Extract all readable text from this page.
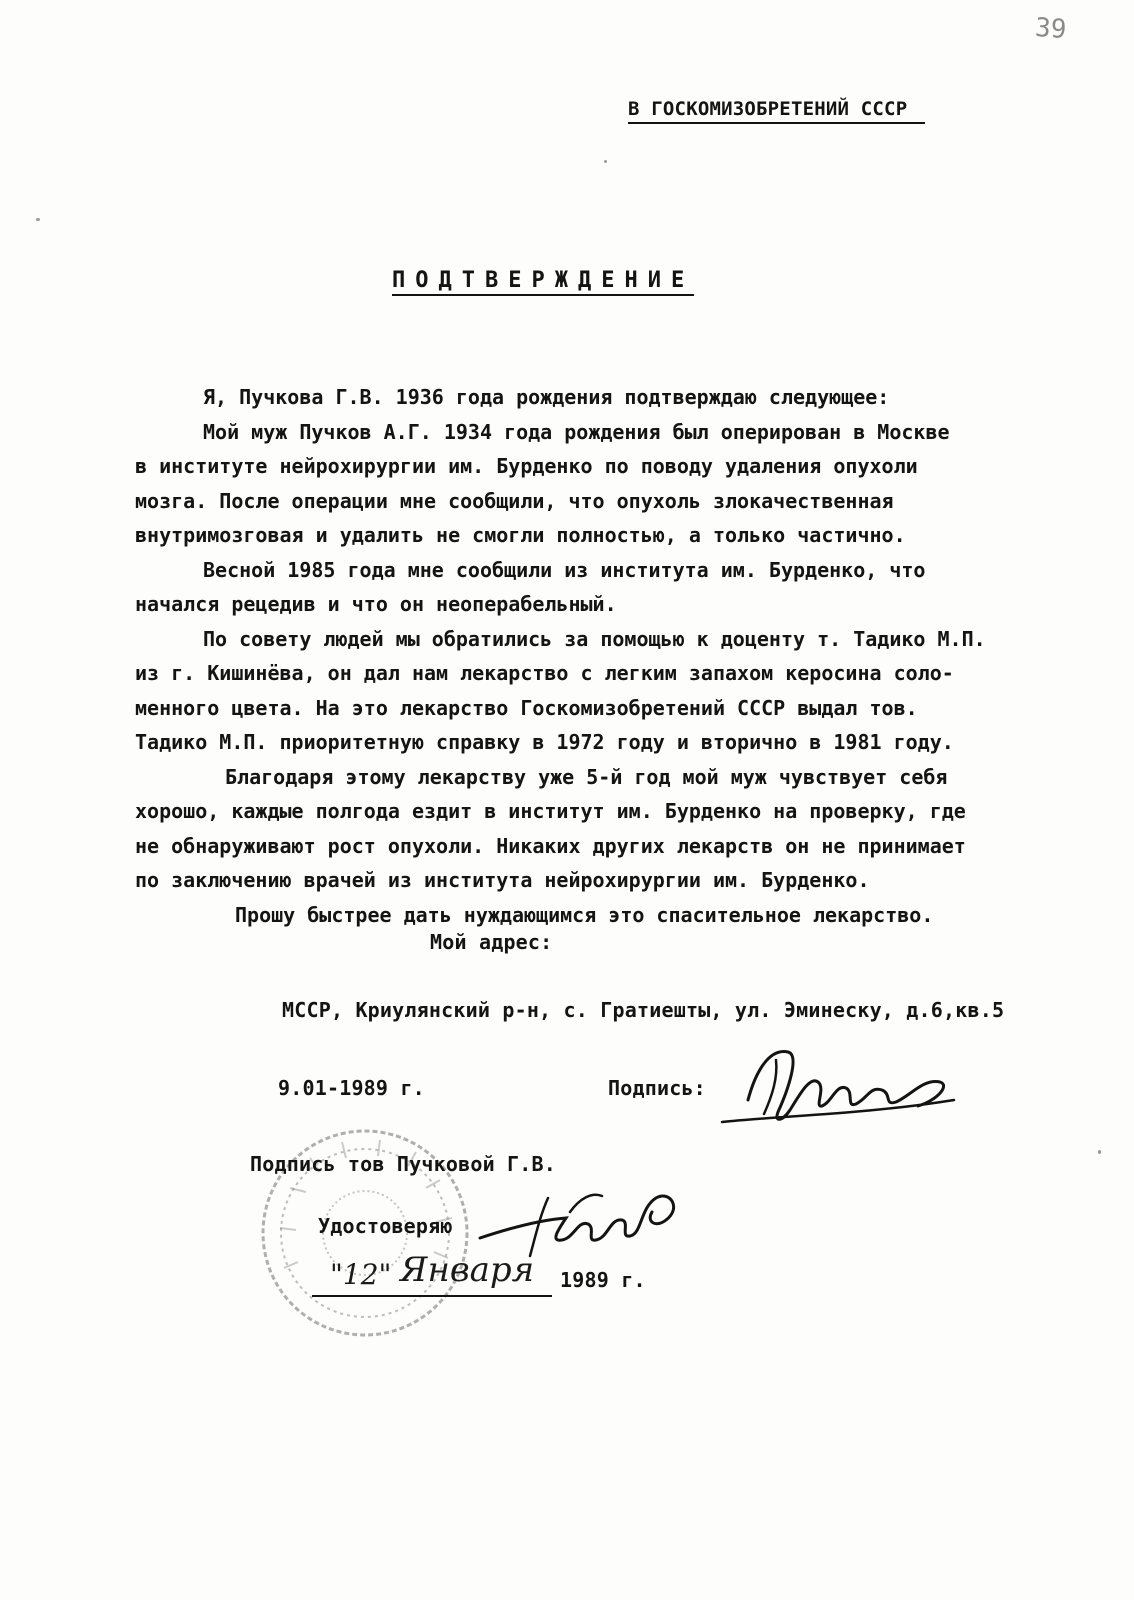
39
В ГОСКОМИЗОБРЕТЕНИЙ СССР
ПОДТВЕРЖДЕНИЕ
Я, Пучкова Г.В. 1936 года рождения подтверждаю следующее:
Мой муж Пучков А.Г. 1934 года рождения был оперирован в Москве
в институте нейрохирургии им. Бурденко по поводу удаления опухоли
мозга. После операции мне сообщили, что опухоль злокачественная
внутримозговая и удалить не смогли полностью, а только частично.
Весной 1985 года мне сообщили из института им. Бурденко, что
начался рецедив и что он неоперабельный.
По совету людей мы обратились за помощью к доценту т. Тадико М.П.
из г. Кишинёва, он дал нам лекарство с легким запахом керосина соло-
менного цвета. На это лекарство Госкомизобретений СССР выдал тов.
Тадико М.П. приоритетную справку в 1972 году и вторично в 1981 году.
Благодаря этому лекарству уже 5-й год мой муж чувствует себя
хорошо, каждые полгода ездит в институт им. Бурденко на проверку, где
не обнаруживают рост опухоли. Никаких других лекарств он не принимает
по заключению врачей из института нейрохирургии им. Бурденко.
Прошу быстрее дать нуждающимся это спасительное лекарство.
Мой адрес:
МССР, Криулянский р-н, с. Гратиешты, ул. Эминеску, д.6,кв.5
9.01-1989 г.	Подпись:
Подпись тов Пучковой Г.В.
Удостоверяю
"12" Января 1989 г.
